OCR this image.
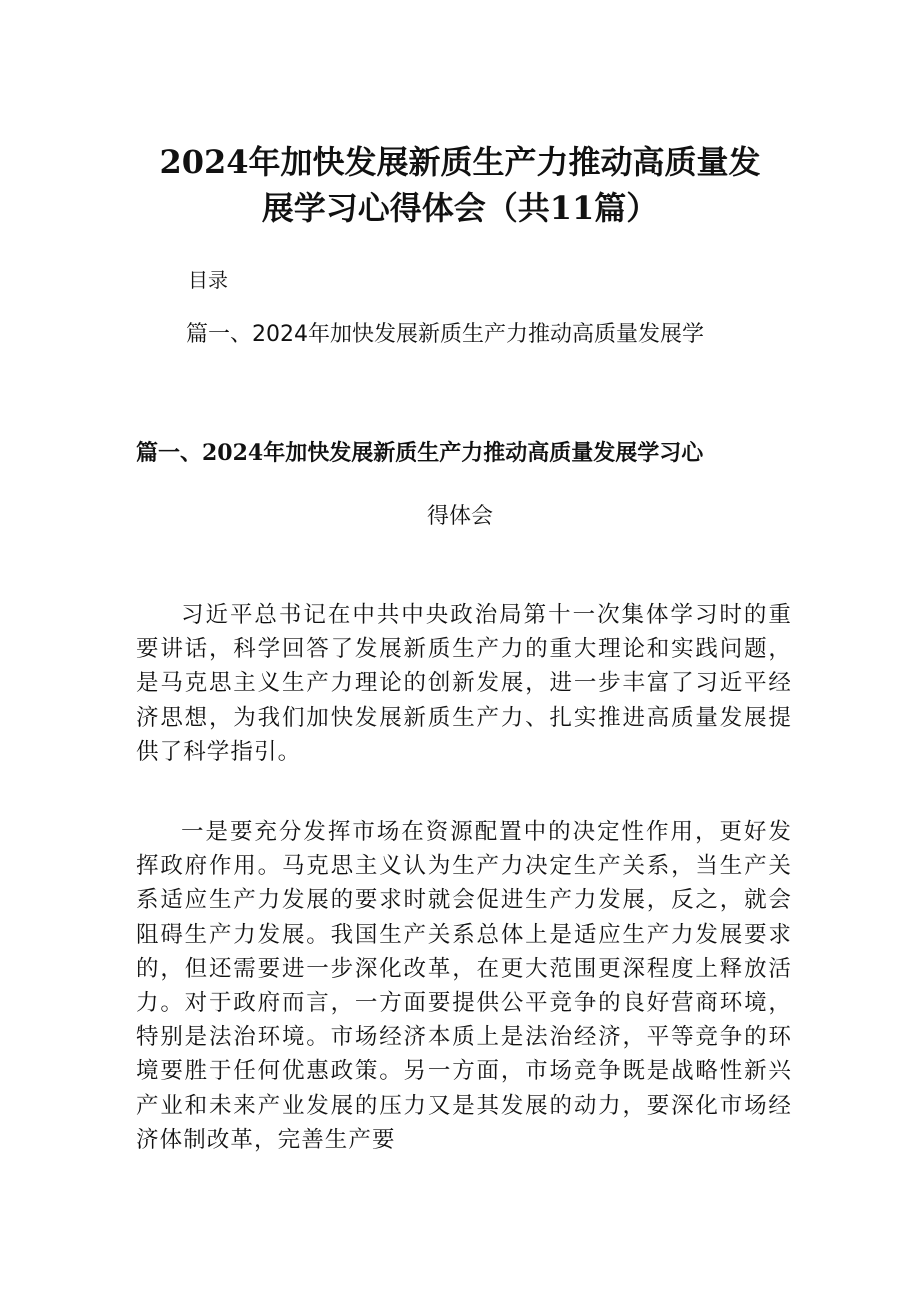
2024年加快发展新质生产力推动高质量发
展学习心得体会（共11篇）
目录
篇一、2024年加快发展新质生产力推动高质量发展学
篇一、2024年加快发展新质生产力推动高质量发展学习心
得体会

习近平总书记在中共中央政治局第十一次集体学习时的重要讲话，科学回答了发展新质生产力的重大理论和实践问题，是马克思主义生产力理论的创新发展，进一步丰富了习近平经济思想，为我们加快发展新质生产力、扎实推进高质量发展提供了科学指引。

一是要充分发挥市场在资源配置中的决定性作用，更好发挥政府作用。马克思主义认为生产力决定生产关系，当生产关系适应生产力发展的要求时就会促进生产力发展，反之，就会阻碍生产力发展。我国生产关系总体上是适应生产力发展要求的，但还需要进一步深化改革，在更大范围更深程度上释放活力。对于政府而言，一方面要提供公平竞争的良好营商环境，特别是法治环境。市场经济本质上是法治经济，平等竞争的环境要胜于任何优惠政策。另一方面，市场竞争既是战略性新兴产业和未来产业发展的压力又是其发展的动力，要深化市场经济体制改革，完善生产要
